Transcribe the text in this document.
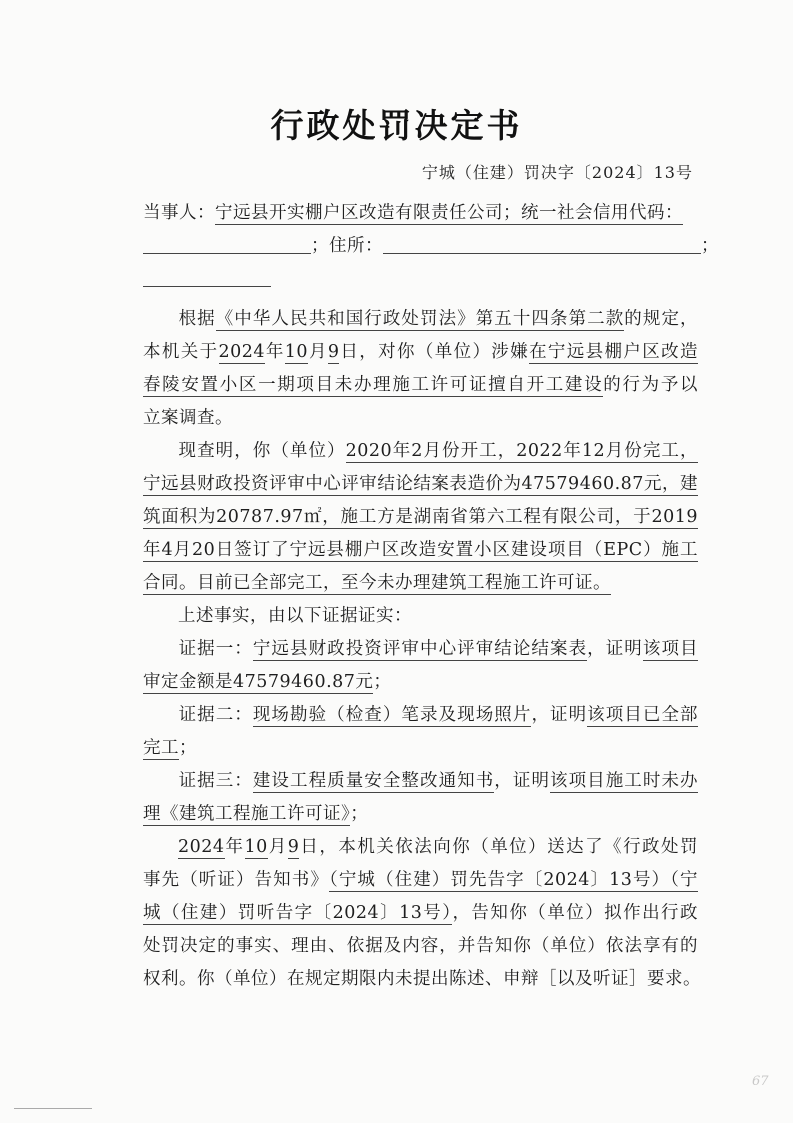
行政处罚决定书
宁城（住建）罚决字〔2024〕13号
当事人：宁远县开实棚户区改造有限责任公司；统一社会信用代码：
；住所：	；
根据《中华人民共和国行政处罚法》第五十四条第二款的规定，
本机关于2024年10月9日，对你（单位）涉嫌在宁远县棚户区改造
春陵安置小区一期项目未办理施工许可证擅自开工建设的行为予以
立案调查。
现查明，你（单位）2020年2月份开工，2022年12月份完工，
宁远县财政投资评审中心评审结论结案表造价为47579460.87元，建
筑面积为20787.97㎡，施工方是湖南省第六工程有限公司，于2019
年4月20日签订了宁远县棚户区改造安置小区建设项目（EPC）施工
合同。目前已全部完工，至今未办理建筑工程施工许可证。
上述事实，由以下证据证实：
证据一：宁远县财政投资评审中心评审结论结案表，证明该项目
审定金额是47579460.87元；
证据二：现场勘验（检查）笔录及现场照片，证明该项目已全部
完工；
证据三：建设工程质量安全整改通知书，证明该项目施工时未办
理《建筑工程施工许可证》；
2024年10月9日，本机关依法向你（单位）送达了《行政处罚
事先（听证）告知书》（宁城（住建）罚先告字〔2024〕13号）（宁
城（住建）罚听告字〔2024〕13号），告知你（单位）拟作出行政
处罚决定的事实、理由、依据及内容，并告知你（单位）依法享有的
权利。你（单位）在规定期限内未提出陈述、申辩［以及听证］要求。
67
